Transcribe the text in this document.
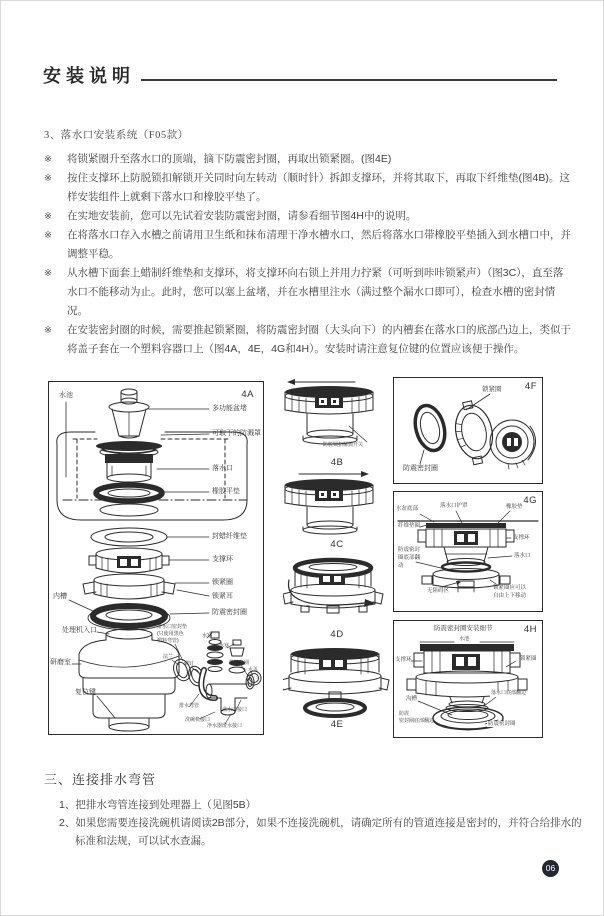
安装说明
3、落水口安装系统（F05款）
※ 将锁紧圈升至落水口的顶端，摘下防震密封圈，再取出锁紧圈。(图4E)
※ 按住支撑环上防脱锁扣解锁开关同时向左转动（顺时针）拆卸支撑环，并将其取下，再取下纤维垫(图4B)。这样安装组件上就剩下落水口和橡胶平垫了。
※ 在实地安装前，您可以先试着安装防震密封圈，请参看细节图4H中的说明。
※ 在将落水口存入水槽之前请用卫生纸和抹布清理干净水槽水口，然后将落水口带橡胶平垫插入到水槽口中，并调整平稳。
※ 从水槽下面套上蜡制纤维垫和支撑环，将支撑环向右锁上并用力拧紧（可听到咔咔锁紧声）（图3C），直至落水口不能移动为止。此时，您可以塞上盆堵，并在水槽里注水（满过整个漏水口即可），检查水槽的密封情况。
※ 在安装密封圈的时候，需要推起锁紧圈，将防震密封圈（大头向下）的内槽套在落水口的底部凸边上，类似于将盖子套在一个塑料容器口上（图4A，4E，4G和4H）。安装时请注意复位键的位置应该便于操作。
4A
水池
多功能盆堵
可取下的防溅罩
落水口
橡胶平垫
封蜡纤维垫
支撑环
锁紧圈
锁紧耳
防震密封圈
内槽
处理机入口
研磨室
复位键
排水口密封垫
(只使用黑色
塑料弯管)
法兰
螺钉
水塞
水塞
橡胶垫圈
水盖
排水弯管
洗碗机接口
净水器废水接口
溢水口接口
防脱锁扣解锁开关
4B
4C
4D
4E
4F
锁紧圈
防震密封圈
4G
水盆底部
纤维垫圈
落水口护罩	橡胶垫
支撑环
落水口
防震密封
圈底部翻
动
无阻碍区	锁紧圈应可以
自由上下移动
4H
防震密封圈安装细节
水池
支撑环	锁紧圈
落水口底部翻边
沟槽
防震
密封圈底部翻边	防震密封圈
三、连接排水弯管
1、把排水弯管连接到处理器上（见图5B）
2、如果您需要连接洗碗机请阅读2B部分，如果不连接洗碗机，请确定所有的管道连接是密封的，并符合给排水的标准和法规，可以试水查漏。
06
